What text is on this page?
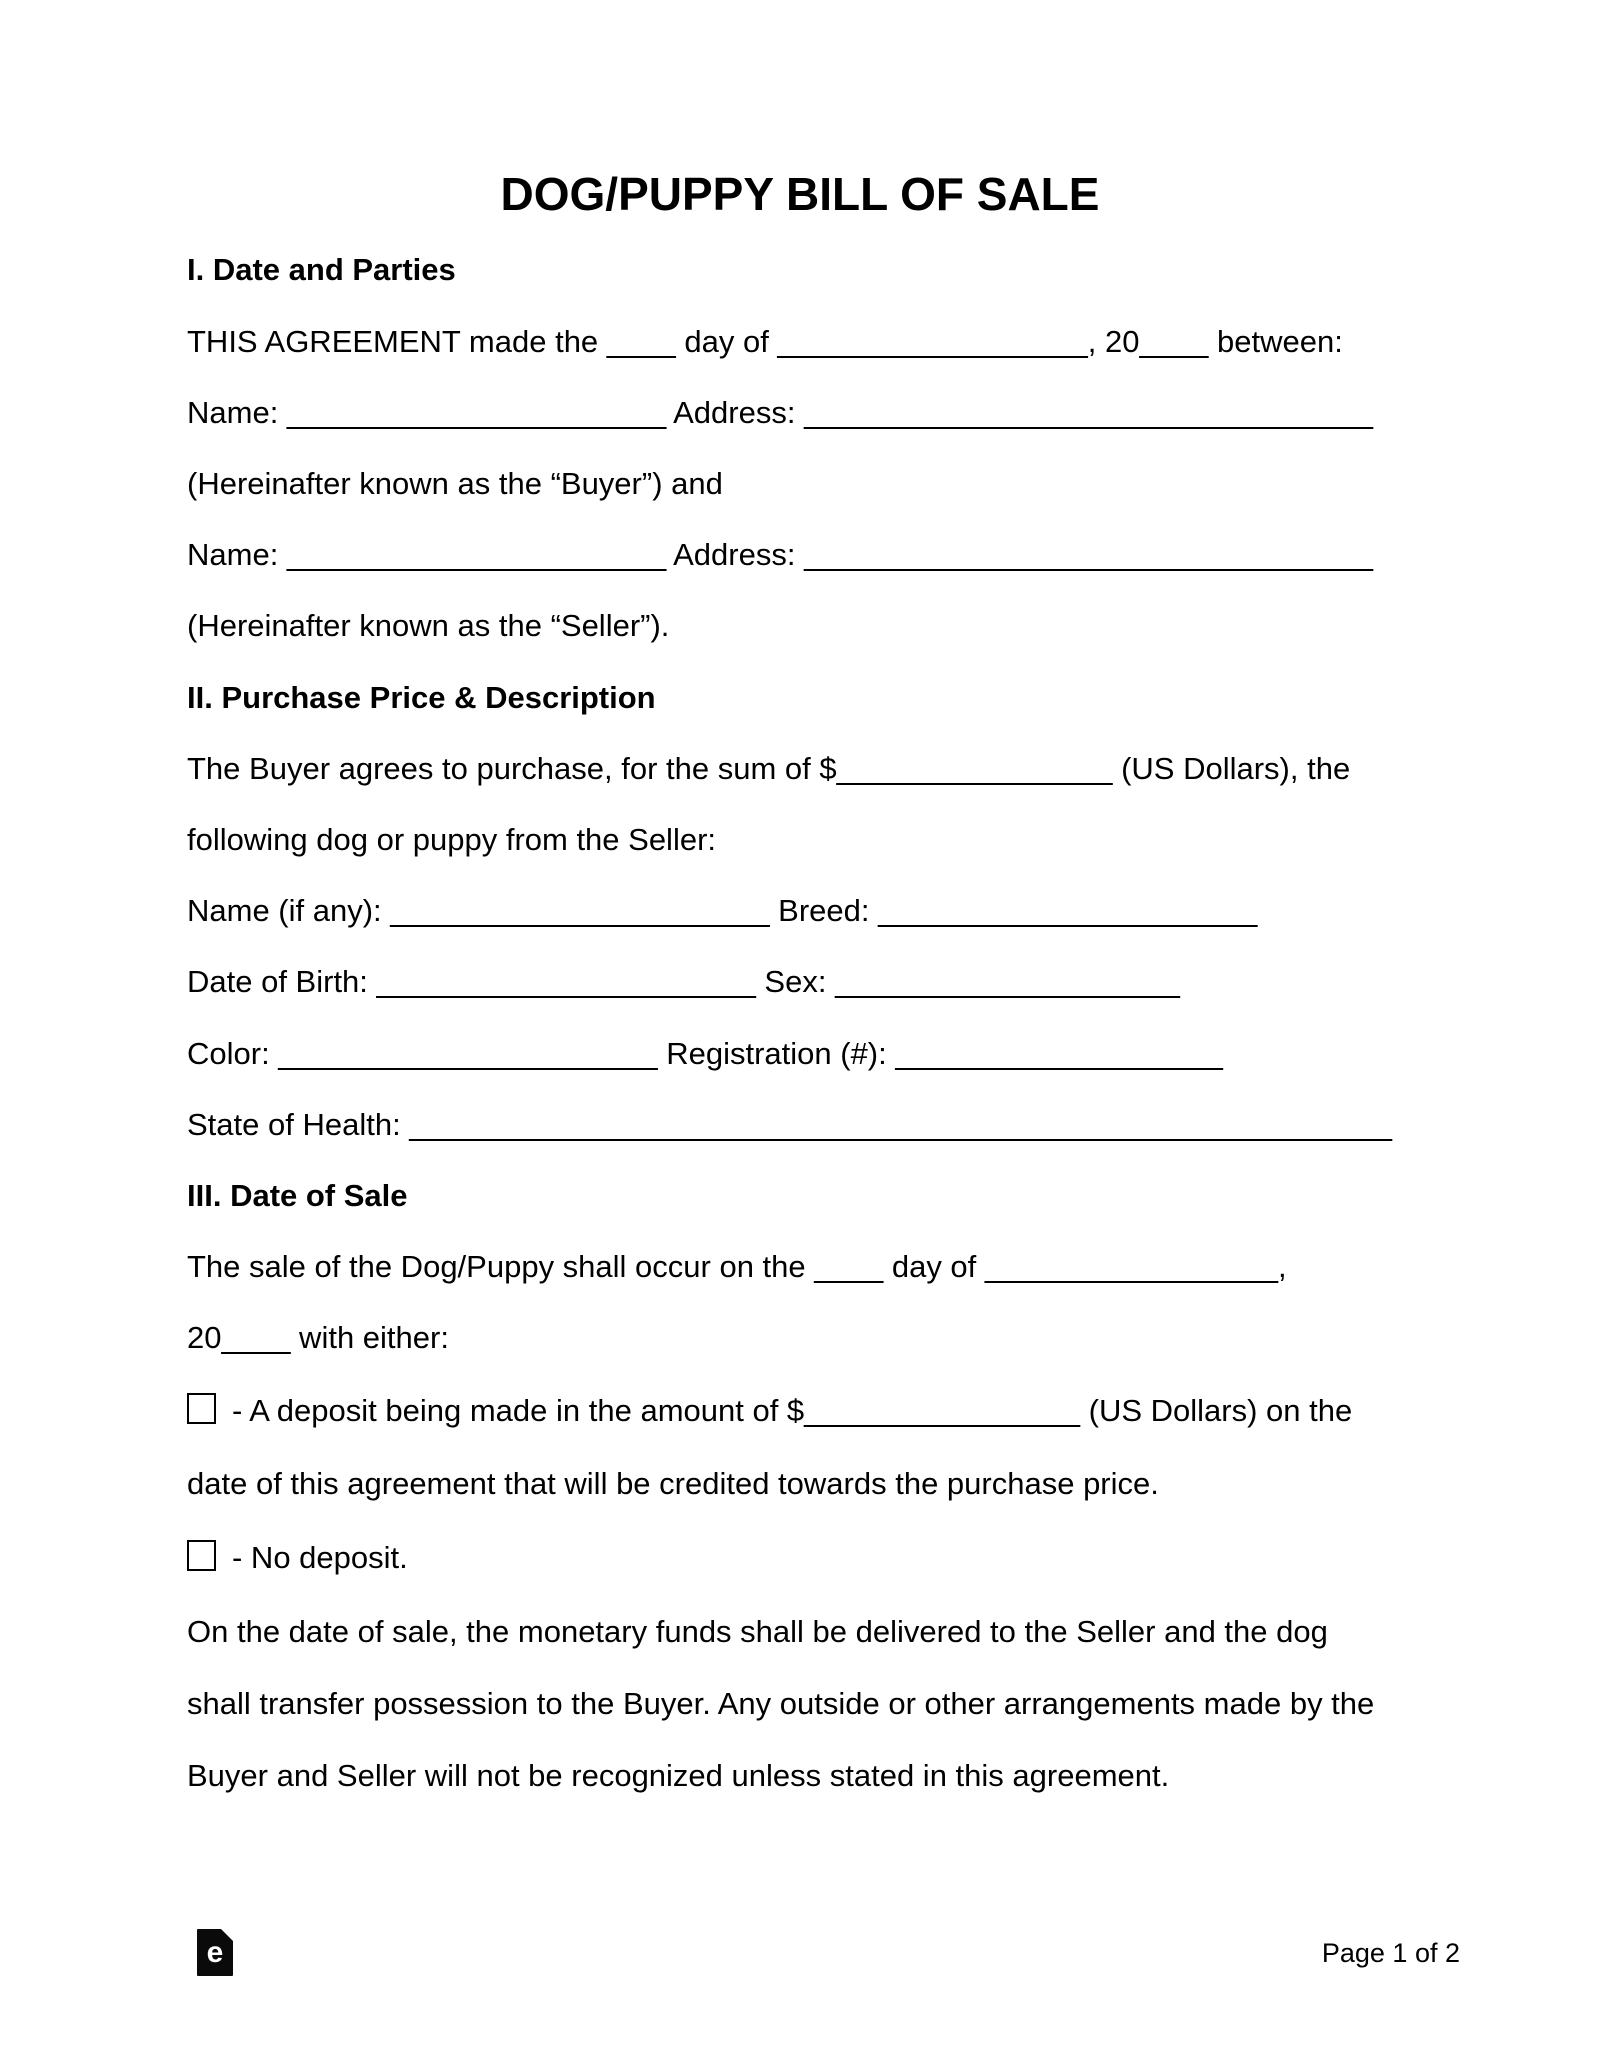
DOG/PUPPY BILL OF SALE
I. Date and Parties
THIS AGREEMENT made the ____ day of __________________, 20____ between:
Name: ______________________ Address: _________________________________
(Hereinafter known as the “Buyer”) and
Name: ______________________ Address: _________________________________
(Hereinafter known as the “Seller”).
II. Purchase Price & Description
The Buyer agrees to purchase, for the sum of $________________ (US Dollars), the
following dog or puppy from the Seller:
Name (if any): ______________________ Breed: ______________________
Date of Birth: ______________________ Sex: ____________________
Color: ______________________ Registration (#): ___________________
State of Health: _________________________________________________________
III. Date of Sale
The sale of the Dog/Puppy shall occur on the ____ day of _________________,
20____ with either:
- A deposit being made in the amount of $________________ (US Dollars) on the
date of this agreement that will be credited towards the purchase price.
- No deposit.
On the date of sale, the monetary funds shall be delivered to the Seller and the dog
shall transfer possession to the Buyer. Any outside or other arrangements made by the
Buyer and Seller will not be recognized unless stated in this agreement.
e	Page 1 of 2
